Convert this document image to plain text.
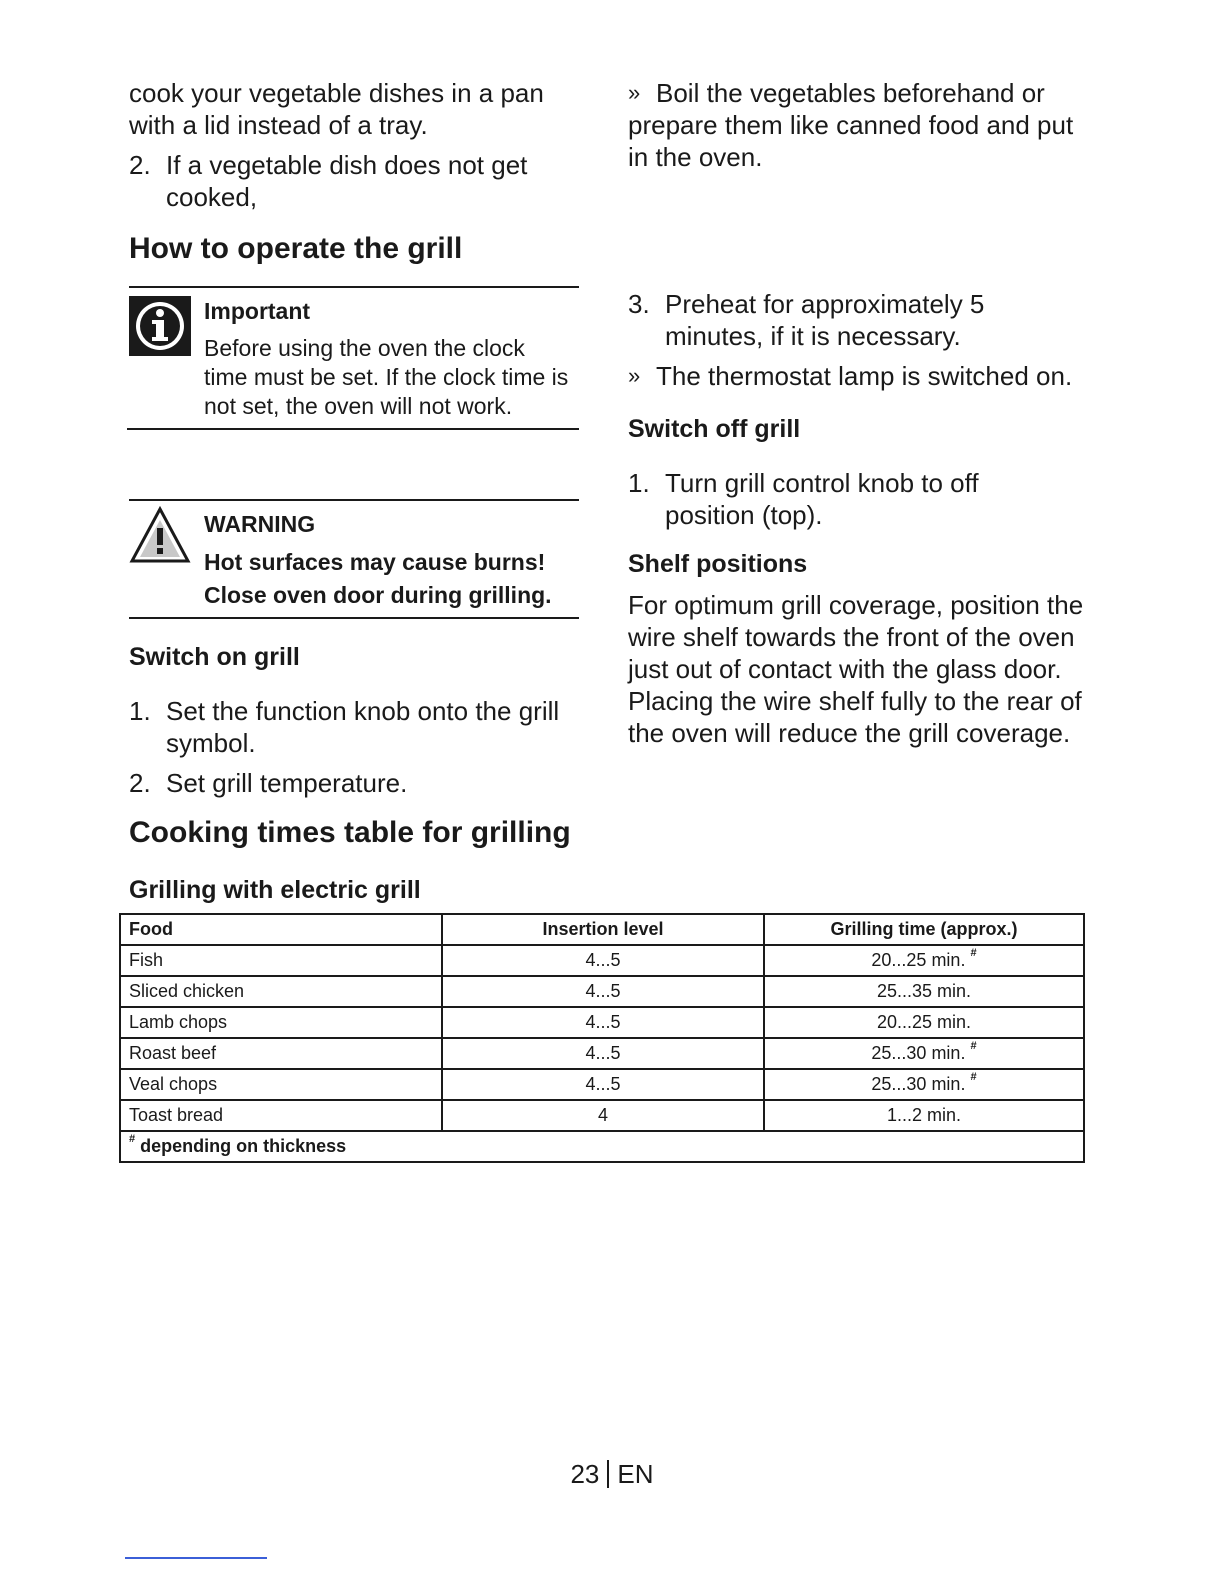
cook your vegetable dishes in a pan with a lid instead of a tray.
2. If a vegetable dish does not get cooked,
How to operate the grill
Important
Before using the oven the clock time must be set. If the clock time is not set, the oven will not work.
WARNING
Hot surfaces may cause burns!
Close oven door during grilling.
Switch on grill
1. Set the function knob onto the grill symbol.
2. Set grill temperature.
Cooking times table for grilling
Grilling with electric grill
» Boil the vegetables beforehand or prepare them like canned food and put in the oven.
3. Preheat for approximately 5 minutes, if it is necessary.
» The thermostat lamp is switched on.
Switch off grill
1. Turn grill control knob to off position (top).
Shelf positions
For optimum grill coverage, position the wire shelf towards the front of the oven just out of contact with the glass door. Placing the wire shelf fully to the rear of the oven will reduce the grill coverage.
Food	Insertion level	Grilling time (approx.)
Fish	4...5	20...25 min. #
Sliced chicken	4...5	25...35 min.
Lamb chops	4...5	20...25 min.
Roast beef	4...5	25...30 min. #
Veal chops	4...5	25...30 min. #
Toast bread	4	1...2 min.
# depending on thickness		
23 EN
